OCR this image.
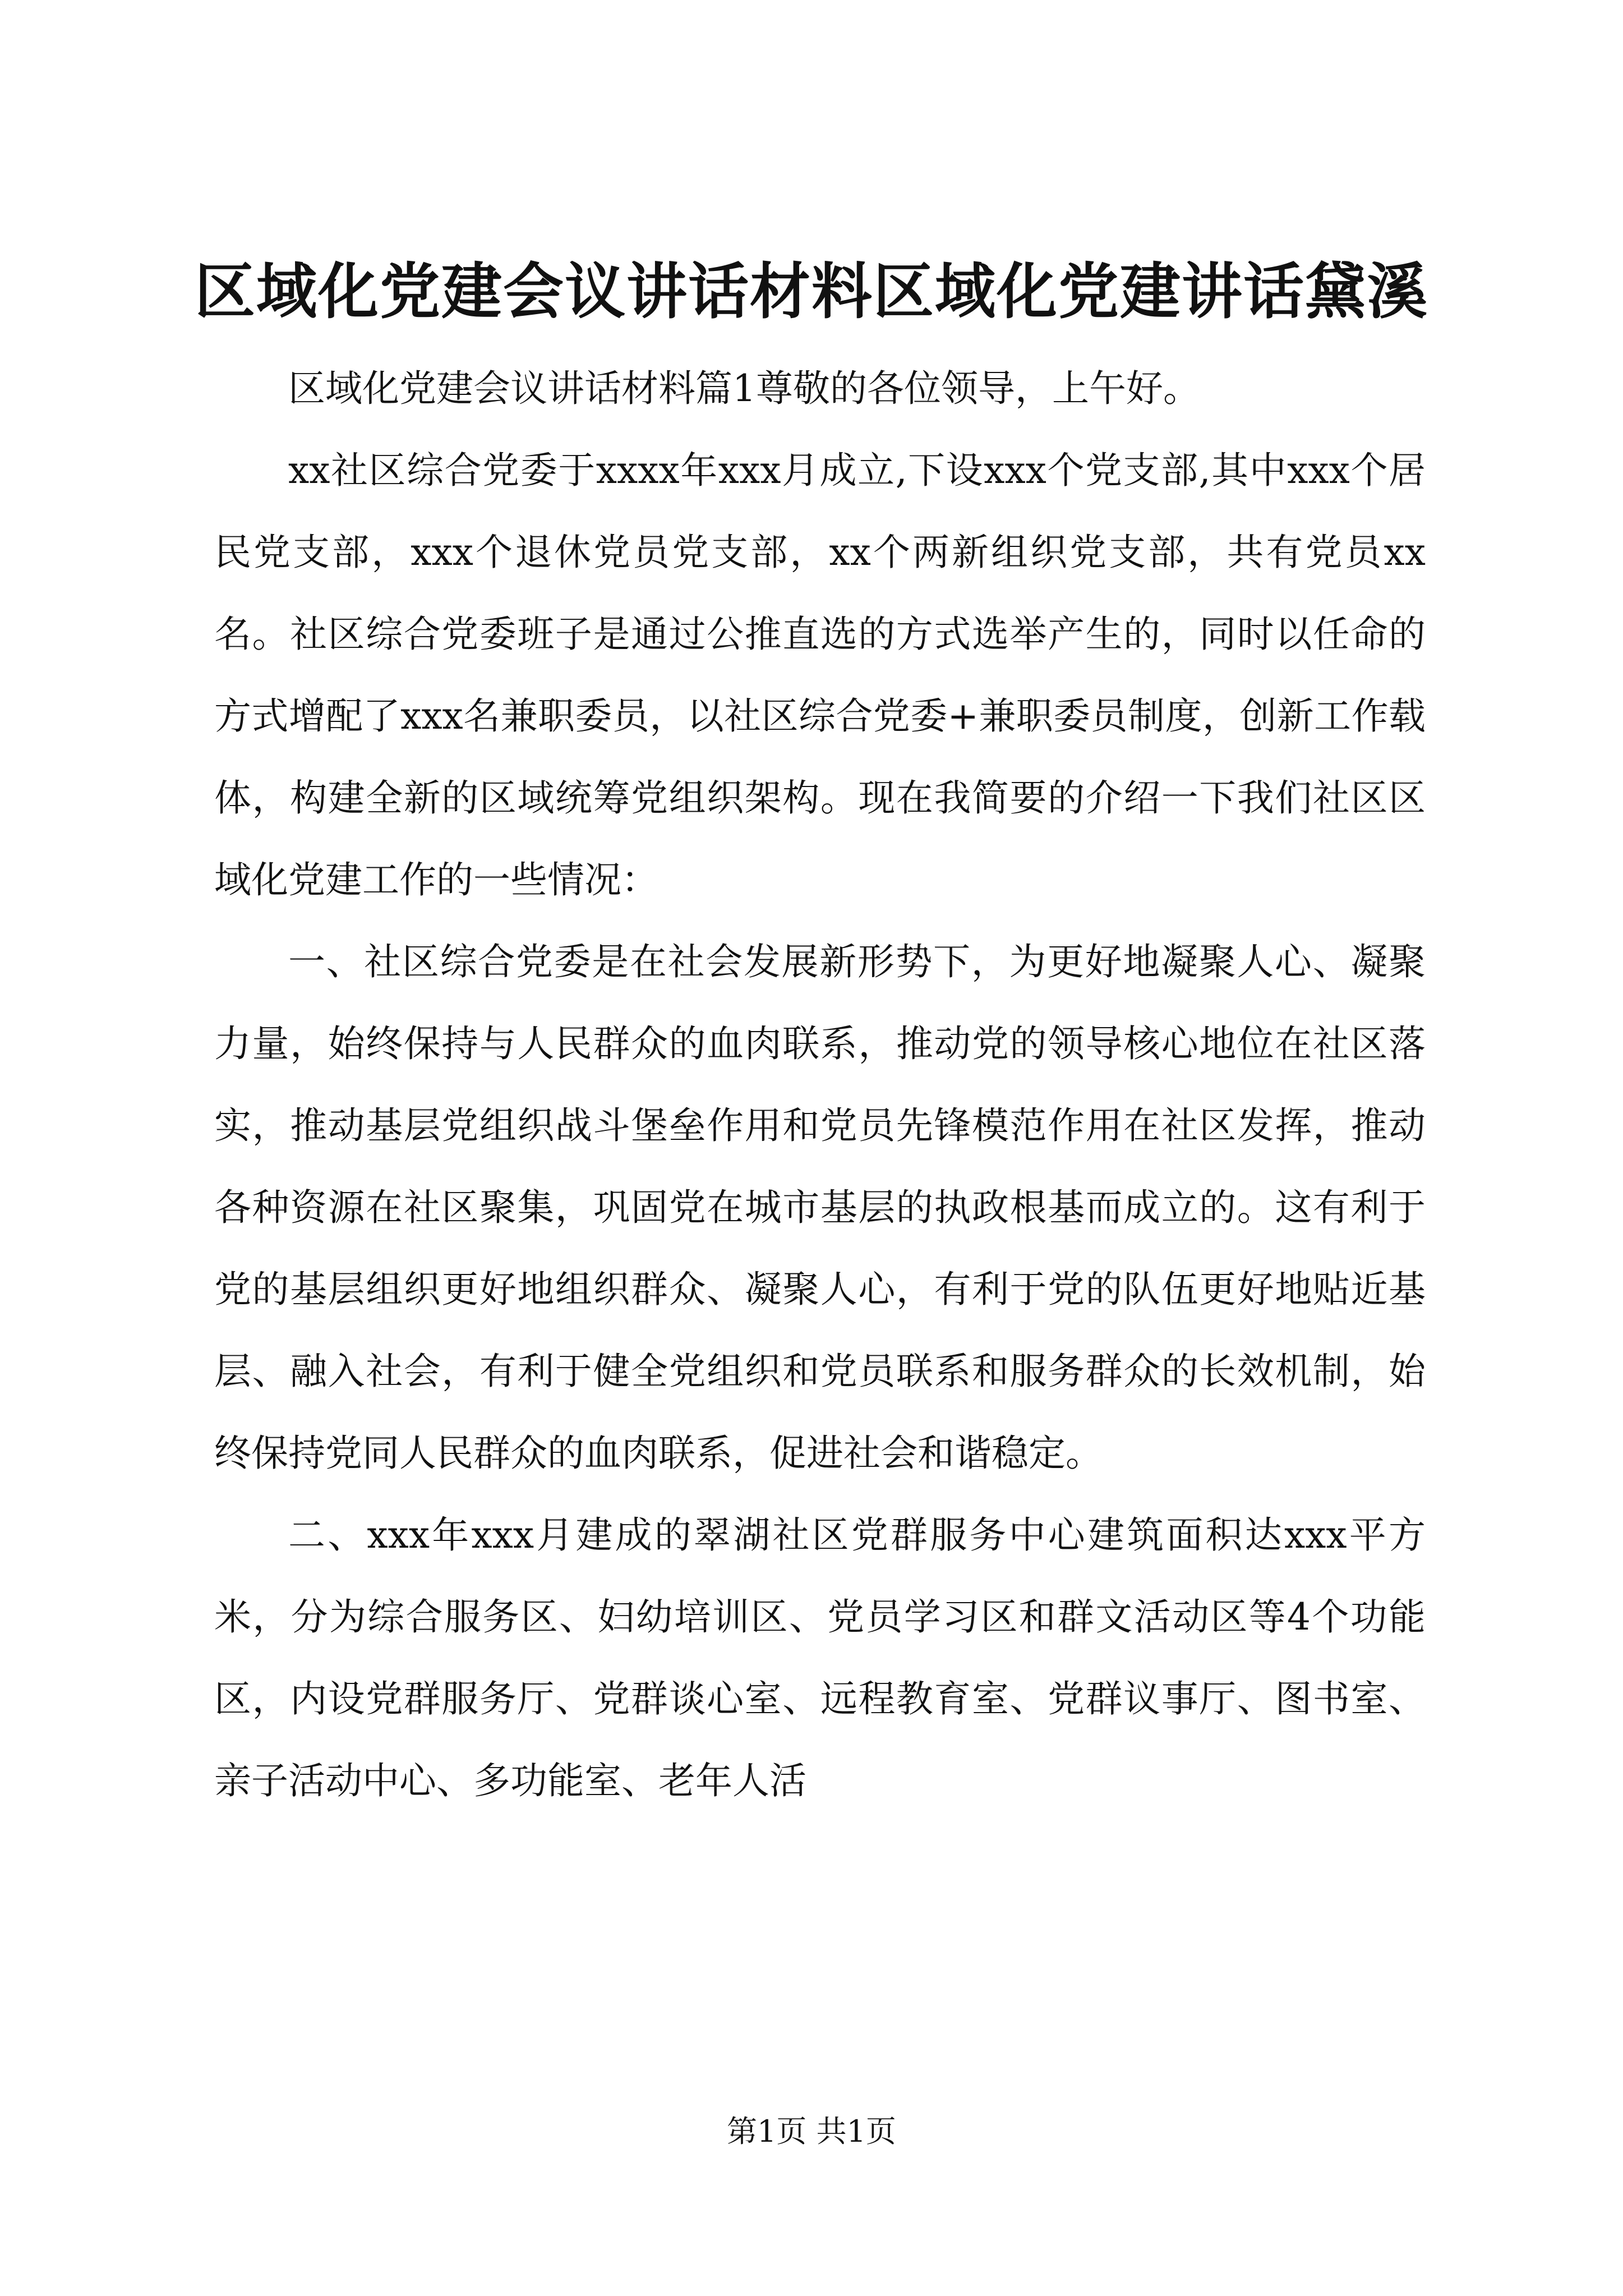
区域化党建会议讲话材料区域化党建讲话黛溪

区域化党建会议讲话材料篇1尊敬的各位领导，上午好。

xx社区综合党委于xxxx年xxx月成立,下设xxx个党支部,其中xxx个居民党支部，xxx个退休党员党支部，xx个两新组织党支部，共有党员xx名。社区综合党委班子是通过公推直选的方式选举产生的，同时以任命的方式增配了xxx名兼职委员，以社区综合党委+兼职委员制度，创新工作载体，构建全新的区域统筹党组织架构。现在我简要的介绍一下我们社区区域化党建工作的一些情况：

一、社区综合党委是在社会发展新形势下，为更好地凝聚人心、凝聚力量，始终保持与人民群众的血肉联系，推动党的领导核心地位在社区落实，推动基层党组织战斗堡垒作用和党员先锋模范作用在社区发挥，推动各种资源在社区聚集，巩固党在城市基层的执政根基而成立的。这有利于党的基层组织更好地组织群众、凝聚人心，有利于党的队伍更好地贴近基层、融入社会，有利于健全党组织和党员联系和服务群众的长效机制，始终保持党同人民群众的血肉联系，促进社会和谐稳定。

二、xxx年xxx月建成的翠湖社区党群服务中心建筑面积达xxx平方米，分为综合服务区、妇幼培训区、党员学习区和群文活动区等4个功能区，内设党群服务厅、党群谈心室、远程教育室、党群议事厅、图书室、亲子活动中心、多功能室、老年人活

第1页 共1页
